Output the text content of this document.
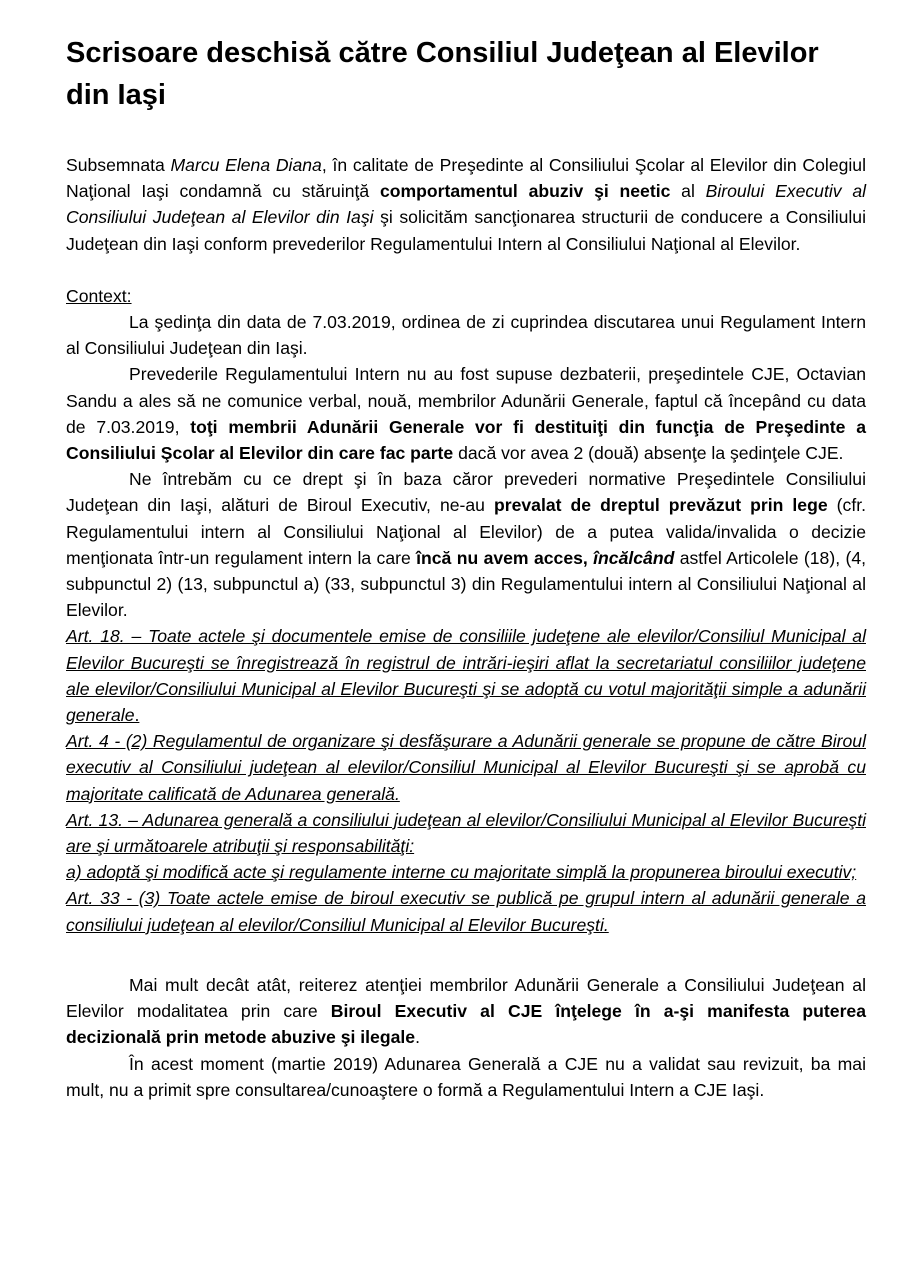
Scrisoare deschisă către Consiliul Judeţean al Elevilor din Iaşi

Subsemnata Marcu Elena Diana, în calitate de Preşedinte al Consiliului Şcolar al Elevilor din Colegiul Naţional Iaşi condamnă cu stăruinţă comportamentul abuziv şi neetic al Biroului Executiv al Consiliului Judeţean al Elevilor din Iaşi şi solicităm sancţionarea structurii de conducere a Consiliului Judeţean din Iaşi conform prevederilor Regulamentului Intern al Consiliului Naţional al Elevilor.

Context:

La şedinţa din data de 7.03.2019, ordinea de zi cuprindea discutarea unui Regulament Intern al Consiliului Judeţean din Iaşi.

Prevederile Regulamentului Intern nu au fost supuse dezbaterii, preşedintele CJE, Octavian Sandu a ales să ne comunice verbal, nouă, membrilor Adunării Generale, faptul că începând cu data de 7.03.2019, toţi membrii Adunării Generale vor fi destituiţi din funcţia de Preşedinte a Consiliului Şcolar al Elevilor din care fac parte dacă vor avea 2 (două) absenţe la şedinţele CJE.

Ne întrebăm cu ce drept şi în baza căror prevederi normative Preşedintele Consiliului Judeţean din Iaşi, alături de Biroul Executiv, ne-au prevalat de dreptul prevăzut prin lege (cfr. Regulamentului intern al Consiliului Naţional al Elevilor) de a putea valida/invalida o decizie menţionata într-un regulament intern la care încă nu avem acces, încălcând astfel Articolele (18), (4, subpunctul 2) (13, subpunctul a) (33, subpunctul 3) din Regulamentului intern al Consiliului Naţional al Elevilor.

Art. 18. – Toate actele şi documentele emise de consiliile judeţene ale elevilor/Consiliul Municipal al Elevilor Bucureşti se înregistrează în registrul de intrări-ieşiri aflat la secretariatul consiliilor judeţene ale elevilor/Consiliului Municipal al Elevilor Bucureşti şi se adoptă cu votul majorităţii simple a adunării generale.

Art. 4 - (2) Regulamentul de organizare şi desfăşurare a Adunării generale se propune de către Biroul executiv al Consiliului judeţean al elevilor/Consiliul Municipal al Elevilor Bucureşti şi se aprobă cu majoritate calificată de Adunarea generală.

Art. 13. – Adunarea generală a consiliului judeţean al elevilor/Consiliului Municipal al Elevilor Bucureşti are şi următoarele atribuţii şi responsabilităţi:

a) adoptă şi modifică acte şi regulamente interne cu majoritate simplă la propunerea biroului executiv;

Art. 33 - (3) Toate actele emise de biroul executiv se publică pe grupul intern al adunării generale a consiliului judeţean al elevilor/Consiliul Municipal al Elevilor Bucureşti.

Mai mult decât atât, reiterez atenţiei membrilor Adunării Generale a Consiliului Judeţean al Elevilor modalitatea prin care Biroul Executiv al CJE înţelege în a-şi manifesta puterea decizională prin metode abuzive şi ilegale.

În acest moment (martie 2019) Adunarea Generală a CJE nu a validat sau revizuit, ba mai mult, nu a primit spre consultarea/cunoaştere o formă a Regulamentului Intern a CJE Iaşi.
